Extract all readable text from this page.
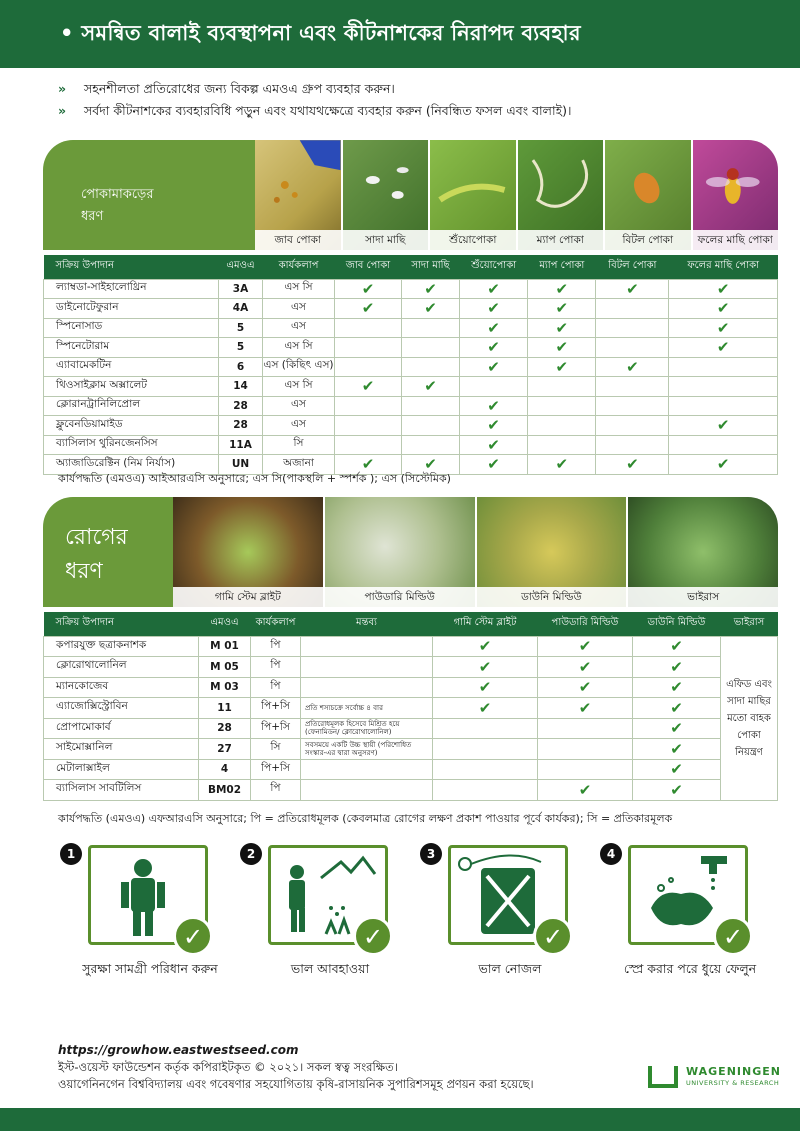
• সমন্বিত বালাই ব্যবস্থাপনা এবং কীটনাশকের নিরাপদ ব্যবহার
»	সহনশীলতা প্রতিরোধের জন্য বিকল্প এমওএ গ্রুপ ব্যবহার করুন।
»	সর্বদা কীটনাশকের ব্যবহারবিধি পড়ুন এবং যথাযথক্ষেত্রে ব্যবহার করুন (নিবন্ধিত ফসল এবং বালাই)।
পোকামাকড়ের
ধরণ
জাব পোকা	সাদা মাছি	শুঁয়োপোকা	ম্যাপ পোকা	বিটল পোকা	ফলের মাছি পোকা
সক্রিয় উপাদান	এমওএ	কার্যকলাপ	জাব পোকা	সাদা মাছি	শুঁয়োপোকা	ম্যাপ পোকা	বিটল পোকা	ফলের মাছি পোকা
ল্যাম্বডা-সাইহালোথ্রিন	3A	এস সি	✔	✔	✔	✔	✔	✔
ডাইনোটেফুরান	4A	এস	✔	✔	✔	✔		✔
স্পিনোসাড	5	এস			✔	✔		✔
স্পিনেটোরাম	5	এস সি			✔	✔		✔
এ্যাবামেকটিন	6	এস (কিছিৎ এস)			✔	✔	✔	
থিওসাইক্লাম অক্সালেট	14	এস সি	✔	✔				
ক্লোরানট্রানিলিপ্রোল	28	এস			✔			
ফ্লুবেনডিয়ামাইড	28	এস			✔			✔
ব্যাসিলাস থুরিনজেনসিস	11A	সি			✔			
অ্যাজাডিরেক্টিন (নিম নির্যাস)	UN	অজানা	✔	✔	✔	✔	✔	✔
কার্যপদ্ধতি (এমওএ) আইআরএসি অনুসারে; এস সি(পাকস্থলি + স্পর্শক ); এস (সিস্টেমিক)
রোগের
ধরণ
গামি স্টেম ব্লাইট	পাউডারি মিল্ডিউ	ডাউনি মিল্ডিউ	ভাইরাস
সক্রিয় উপাদান	এমওএ	কার্যকলাপ	মন্তব্য	গামি স্টেম ব্লাইট	পাউডারি মিল্ডিউ	ডাউনি মিল্ডিউ	ভাইরাস
কপারযুক্ত ছত্রাকনাশক	M 01	পি		✔	✔	✔	এফিড এবং
সাদা মাছির
মতো বাহক
পোকা
নিয়ন্ত্রণ

ক্লোরোথালোনিল	M 05	পি		✔	✔	✔	
ম্যানকোজেব	M 03	পি		✔	✔	✔	
এ্যাজোক্সিস্ট্রোবিন	11	পি+সি	প্রতি শস্যচক্রে সর্বোচ্চ ৪ বার	✔	✔	✔	
প্রোপামোকার্ব	28	পি+সি	প্রতিরোধমূলক হিসেবে মিশ্রিত হয়ে (ফেনামিডন/ ক্লোরোথালোনিল)			✔	
সাইমোক্সানিল	27	সি	সবসময়ে একটি উচ্চ স্থায়ী (পরিশোধিত সংস্কার-এর দ্বারা অনুসরণ)			✔	
মেটালাক্সাইল	4	পি+সি				✔	
ব্যাসিলাস সাবটিলিস	BM02	পি			✔	✔	
কার্যপদ্ধতি (এমওএ) এফআরএসি অনুসারে; পি = প্রতিরোধমূলক (কেবলমাত্র রোগের লক্ষণ প্রকাশ পাওয়ার পূর্বে কার্যকর); সি = প্রতিকারমূলক
1
✓
সুরক্ষা সামগ্রী পরিধান করুন
2
✓
ভাল আবহাওয়া
3
✓
ভাল নোজল
4
✓
স্প্রে করার পরে ধুয়ে ফেলুন
https://growhow.eastwestseed.com
ইস্ট-ওয়েস্ট ফাউন্ডেশন কর্তৃক কপিরাইটকৃত © ২০২১। সকল স্বত্ব সংরক্ষিত।
ওয়াগেনিনগেন বিশ্ববিদ্যালয় এবং গবেষণার সহযোগিতায় কৃষি-রাসায়নিক সুপারিশসমূহ প্রণয়ন করা হয়েছে।
WAGENINGEN
UNIVERSITY & RESEARCH
